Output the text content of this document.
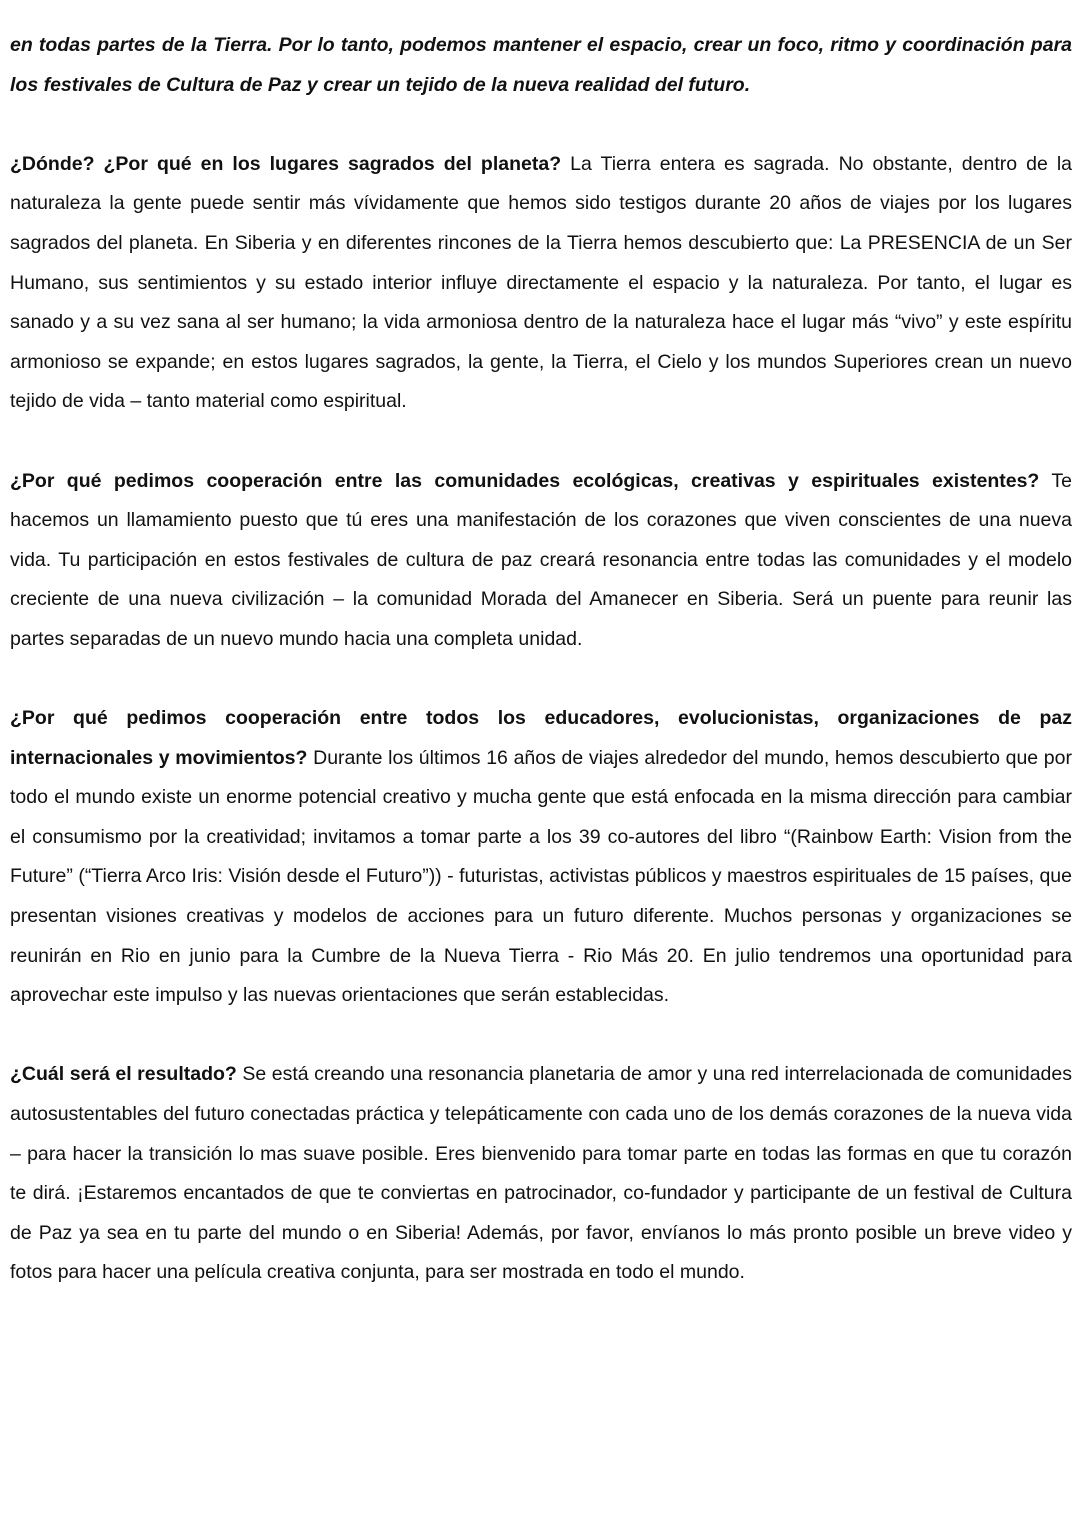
en todas partes de la Tierra. Por lo tanto, podemos mantener el espacio, crear un foco, ritmo y coordinación para los festivales de Cultura de Paz y crear un tejido de la nueva realidad del futuro.

¿Dónde? ¿Por qué en los lugares sagrados del planeta? La Tierra entera es sagrada. No obstante, dentro de la naturaleza la gente puede sentir más vívidamente que hemos sido testigos durante 20 años de viajes por los lugares sagrados del planeta. En Siberia y en diferentes rincones de la Tierra hemos descubierto que: La PRESENCIA de un Ser Humano, sus sentimientos y su estado interior influye directamente el espacio y la naturaleza. Por tanto, el lugar es sanado y a su vez sana al ser humano; la vida armoniosa dentro de la naturaleza hace el lugar más “vivo” y este espíritu armonioso se expande; en estos lugares sagrados, la gente, la Tierra, el Cielo y los mundos Superiores crean un nuevo tejido de vida – tanto material como espiritual.

¿Por qué pedimos cooperación entre las comunidades ecológicas, creativas y espirituales existentes? Te hacemos un llamamiento puesto que tú eres una manifestación de los corazones que viven conscientes de una nueva vida. Tu participación en estos festivales de cultura de paz creará resonancia entre todas las comunidades y el modelo creciente de una nueva civilización – la comunidad Morada del Amanecer en Siberia. Será un puente para reunir las partes separadas de un nuevo mundo hacia una completa unidad.

¿Por qué pedimos cooperación entre todos los educadores, evolucionistas, organizaciones de paz internacionales y movimientos? Durante los últimos 16 años de viajes alrededor del mundo, hemos descubierto que por todo el mundo existe un enorme potencial creativo y mucha gente que está enfocada en la misma dirección para cambiar el consumismo por la creatividad; invitamos a tomar parte a los 39 co-autores del libro “(Rainbow Earth: Vision from the Future” (“Tierra Arco Iris: Visión desde el Futuro”)) - futuristas, activistas públicos y maestros espirituales de 15 países, que presentan visiones creativas y modelos de acciones para un futuro diferente. Muchos personas y organizaciones se reunirán en Rio en junio para la Cumbre de la Nueva Tierra - Rio Más 20. En julio tendremos una oportunidad para aprovechar este impulso y las nuevas orientaciones que serán establecidas.

¿Cuál será el resultado? Se está creando una resonancia planetaria de amor y una red interrelacionada de comunidades autosustentables del futuro conectadas práctica y telepáticamente con cada uno de los demás corazones de la nueva vida – para hacer la transición lo mas suave posible. Eres bienvenido para tomar parte en todas las formas en que tu corazón te dirá. ¡Estaremos encantados de que te conviertas en patrocinador, co-fundador y participante de un festival de Cultura de Paz ya sea en tu parte del mundo o en Siberia! Además, por favor, envíanos lo más pronto posible un breve video y fotos para hacer una película creativa conjunta, para ser mostrada en todo el mundo.
